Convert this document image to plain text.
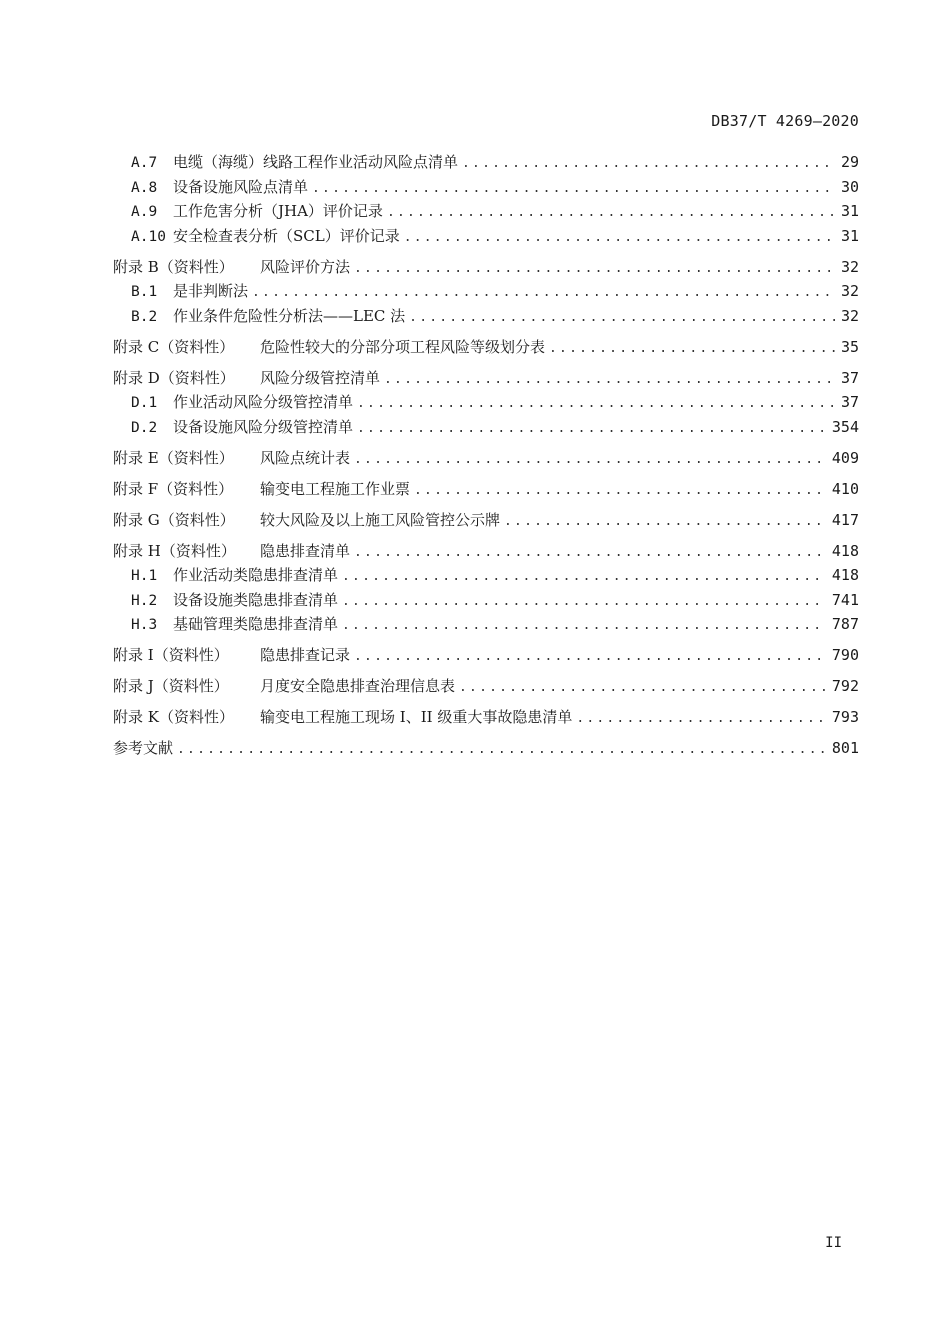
DB37/T 4269—2020
A.7 电缆（海缆）线路工程作业活动风险点清单 .....	29
A.8 设备设施风险点清单 .....	30
A.9 工作危害分析（JHA）评价记录 .....	31
A.10 安全检查表分析（SCL）评价记录 .....	31
附录 B（资料性） 风险评价方法 .....	32
B.1 是非判断法 .....	32
B.2 作业条件危险性分析法——LEC 法 .....	32
附录 C（资料性） 危险性较大的分部分项工程风险等级划分表 .....	35
附录 D（资料性） 风险分级管控清单 .....	37
D.1 作业活动风险分级管控清单 .....	37
D.2 设备设施风险分级管控清单 .....	354
附录 E（资料性） 风险点统计表 .....	409
附录 F（资料性） 输变电工程施工作业票 .....	410
附录 G（资料性） 较大风险及以上施工风险管控公示牌 .....	417
附录 H（资料性） 隐患排查清单 .....	418
H.1 作业活动类隐患排查清单 .....	418
H.2 设备设施类隐患排查清单 .....	741
H.3 基础管理类隐患排查清单 .....	787
附录 I（资料性） 隐患排查记录 .....	790
附录 J（资料性） 月度安全隐患排查治理信息表 .....	792
附录 K（资料性） 输变电工程施工现场 I、II 级重大事故隐患清单 .....	793
参考文献 .....	801
II
